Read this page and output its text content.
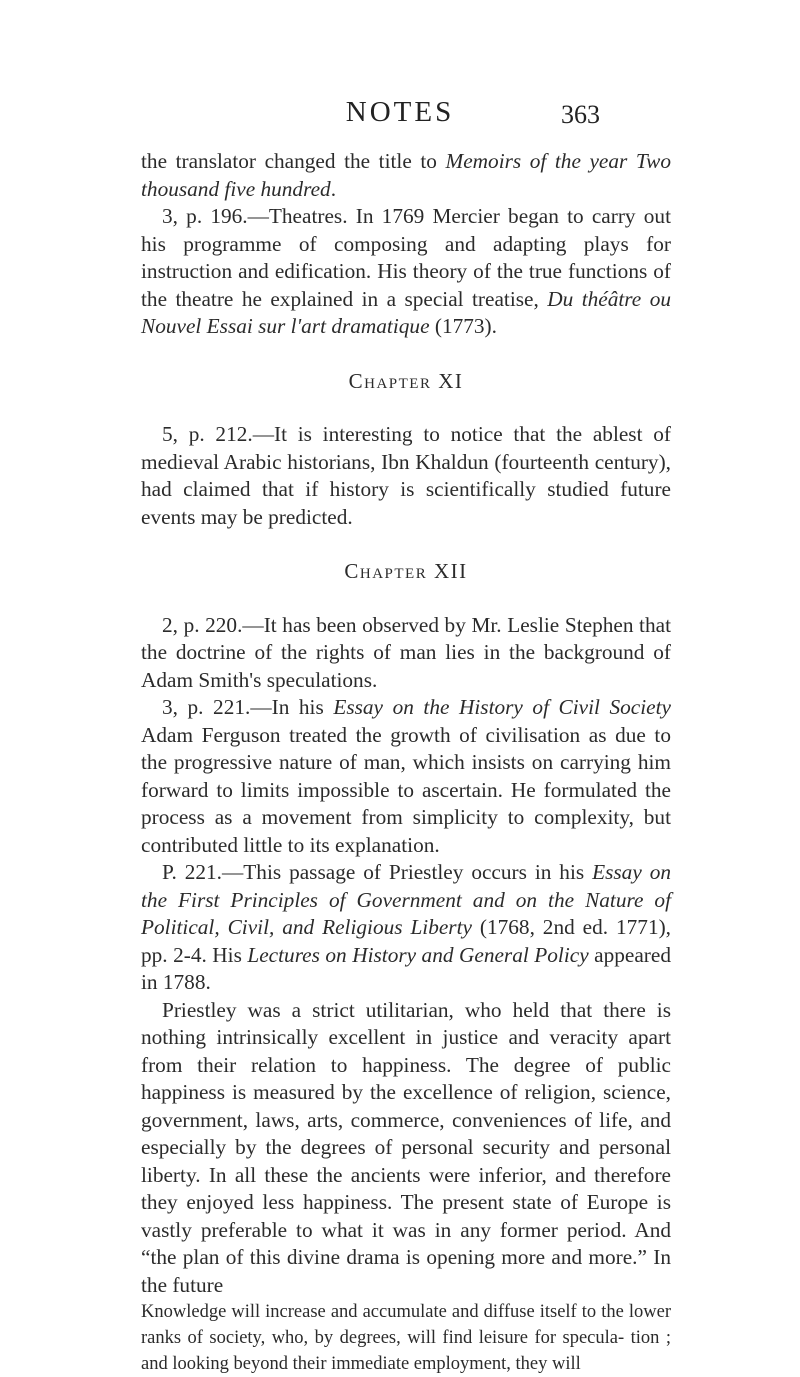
NOTES	363

the translator changed the title to Memoirs of the year Two thousand five hundred.

3, p. 196.—Theatres. In 1769 Mercier began to carry out his programme of composing and adapting plays for instruction and edification. His theory of the true functions of the theatre he explained in a special treatise, Du théâtre ou Nouvel Essai sur l'art dramatique (1773).

Chapter XI

5, p. 212.—It is interesting to notice that the ablest of medieval Arabic historians, Ibn Khaldun (fourteenth century), had claimed that if history is scientifically studied future events may be predicted.

Chapter XII

2, p. 220.—It has been observed by Mr. Leslie Stephen that the doctrine of the rights of man lies in the background of Adam Smith's speculations.

3, p. 221.—In his Essay on the History of Civil Society Adam Ferguson treated the growth of civilisation as due to the progressive nature of man, which insists on carrying him forward to limits impossible to ascertain. He formulated the process as a movement from simplicity to complexity, but contributed little to its explanation.

P. 221.—This passage of Priestley occurs in his Essay on the First Principles of Government and on the Nature of Political, Civil, and Religious Liberty (1768, 2nd ed. 1771), pp. 2-4. His Lectures on History and General Policy appeared in 1788.

Priestley was a strict utilitarian, who held that there is nothing intrinsically excellent in justice and veracity apart from their relation to happiness. The degree of public happiness is measured by the excellence of religion, science, government, laws, arts, commerce, conveniences of life, and especially by the degrees of personal security and personal liberty. In all these the ancients were inferior, and therefore they enjoyed less happiness. The present state of Europe is vastly preferable to what it was in any former period. And “the plan of this divine drama is opening more and more.” In the future

Knowledge will increase and accumulate and diffuse itself to the lower ranks of society, who, by degrees, will find leisure for specula- tion ; and looking beyond their immediate employment, they will
